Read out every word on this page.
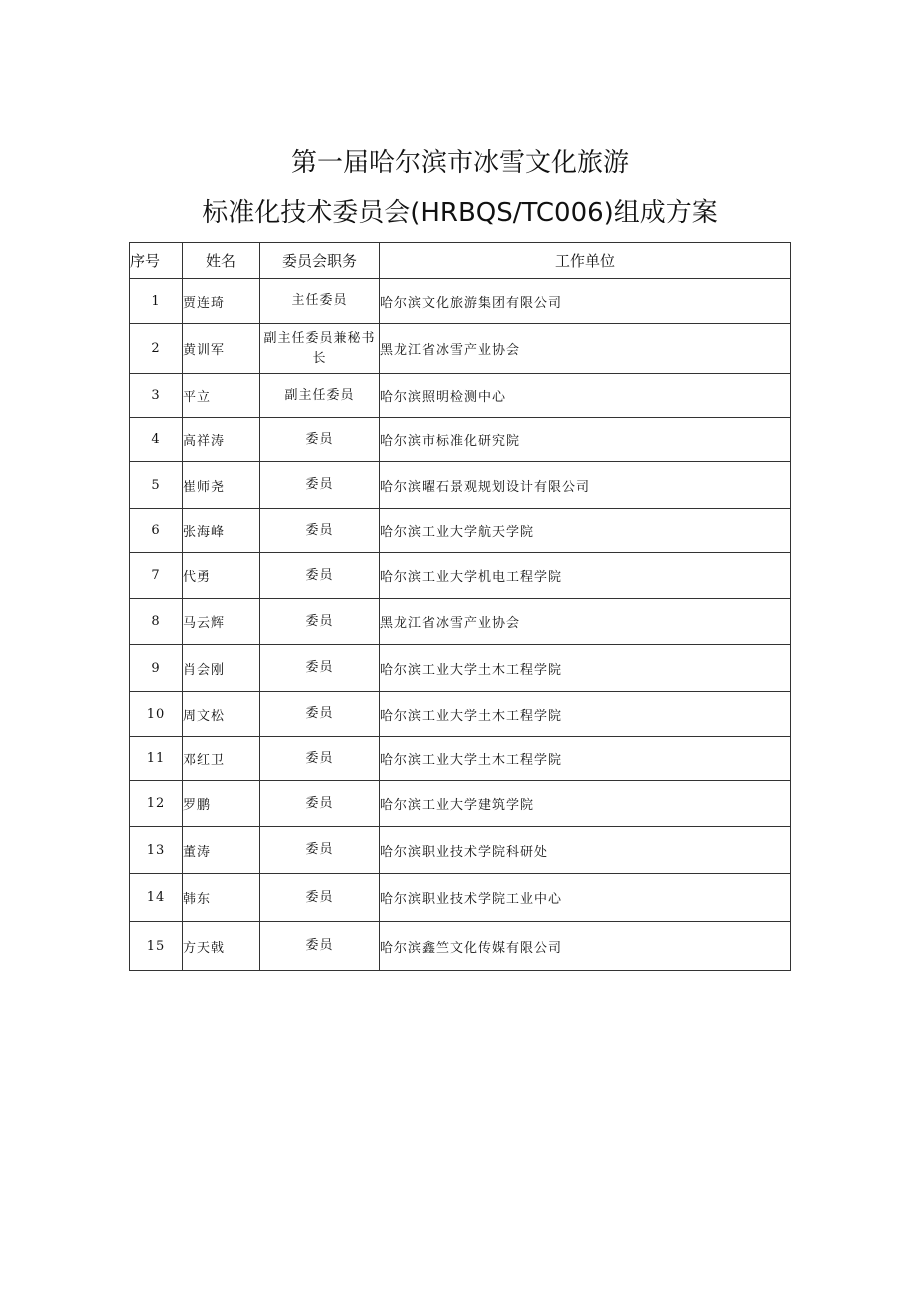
第一届哈尔滨市冰雪文化旅游
标准化技术委员会(HRBQS/TC006)组成方案
序号	姓名	委员会职务	工作单位
1	贾连琦	主任委员	哈尔滨文化旅游集团有限公司
2	黄训军	副主任委员兼秘书长	黑龙江省冰雪产业协会
3	平立	副主任委员	哈尔滨照明检测中心
4	高祥涛	委员	哈尔滨市标准化研究院
5	崔师尧	委员	哈尔滨曜石景观规划设计有限公司
6	张海峰	委员	哈尔滨工业大学航天学院
7	代勇	委员	哈尔滨工业大学机电工程学院
8	马云辉	委员	黑龙江省冰雪产业协会
9	肖会刚	委员	哈尔滨工业大学土木工程学院
10	周文松	委员	哈尔滨工业大学土木工程学院
11	邓红卫	委员	哈尔滨工业大学土木工程学院
12	罗鹏	委员	哈尔滨工业大学建筑学院
13	董涛	委员	哈尔滨职业技术学院科研处
14	韩东	委员	哈尔滨职业技术学院工业中心
15	方天戟	委员	哈尔滨鑫竺文化传媒有限公司
